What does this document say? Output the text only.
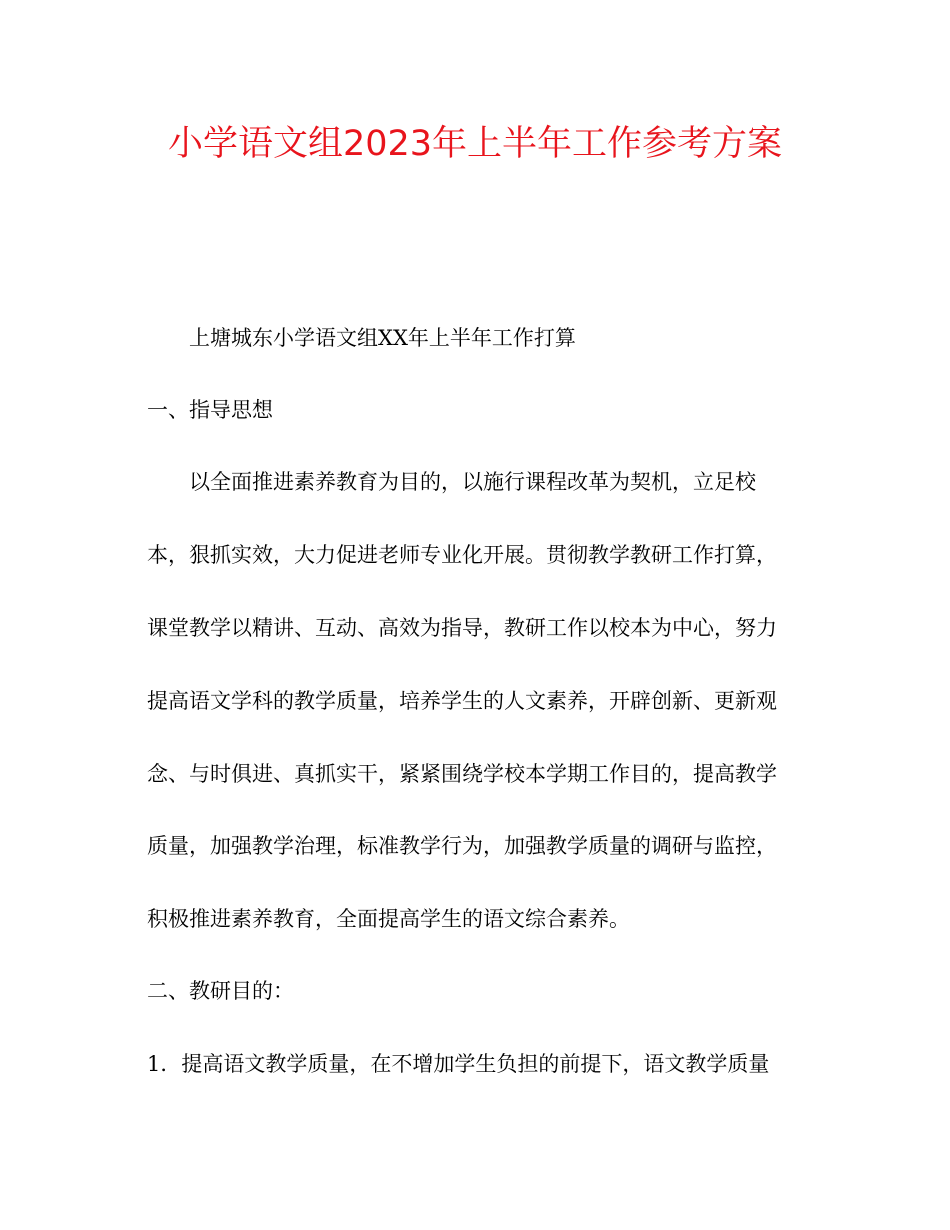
小学语文组2023年上半年工作参考方案

上塘城东小学语文组XX年上半年工作打算

一、指导思想

以全面推进素养教育为目的，以施行课程改革为契机，立足校

本，狠抓实效，大力促进老师专业化开展。贯彻教学教研工作打算，

课堂教学以精讲、互动、高效为指导，教研工作以校本为中心，努力

提高语文学科的教学质量，培养学生的人文素养，开辟创新、更新观

念、与时俱进、真抓实干，紧紧围绕学校本学期工作目的，提高教学

质量，加强教学治理，标准教学行为，加强教学质量的调研与监控，

积极推进素养教育，全面提高学生的语文综合素养。

二、教研目的：

1．提高语文教学质量，在不增加学生负担的前提下，语文教学质量
